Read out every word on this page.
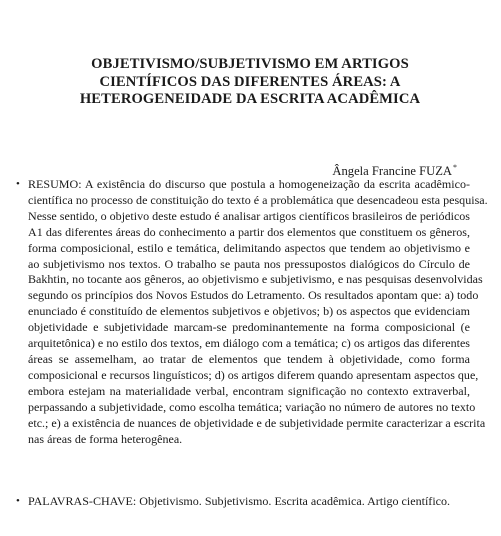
OBJETIVISMO/SUBJETIVISMO EM ARTIGOS
CIENTÍFICOS DAS DIFERENTES ÁREAS: A
HETEROGENEIDADE DA ESCRITA ACADÊMICA
Ângela Francine FUZA*
• RESUMO: A existência do discurso que postula a homogeneização da escrita acadêmico-
científica no processo de constituição do texto é a problemática que desencadeou esta pesquisa.
Nesse sentido, o objetivo deste estudo é analisar artigos científicos brasileiros de periódicos
A1 das diferentes áreas do conhecimento a partir dos elementos que constituem os gêneros,
forma composicional, estilo e temática, delimitando aspectos que tendem ao objetivismo e
ao subjetivismo nos textos. O trabalho se pauta nos pressupostos dialógicos do Círculo de
Bakhtin, no tocante aos gêneros, ao objetivismo e subjetivismo, e nas pesquisas desenvolvidas
segundo os princípios dos Novos Estudos do Letramento. Os resultados apontam que: a) todo
enunciado é constituído de elementos subjetivos e objetivos; b) os aspectos que evidenciam
objetividade e subjetividade marcam-se predominantemente na forma composicional (e
arquitetônica) e no estilo dos textos, em diálogo com a temática; c) os artigos das diferentes
áreas se assemelham, ao tratar de elementos que tendem à objetividade, como forma
composicional e recursos linguísticos; d) os artigos diferem quando apresentam aspectos que,
embora estejam na materialidade verbal, encontram significação no contexto extraverbal,
perpassando a subjetividade, como escolha temática; variação no número de autores no texto
etc.; e) a existência de nuances de objetividade e de subjetividade permite caracterizar a escrita
nas áreas de forma heterogênea.
• PALAVRAS-CHAVE: Objetivismo. Subjetivismo. Escrita acadêmica. Artigo científico.
